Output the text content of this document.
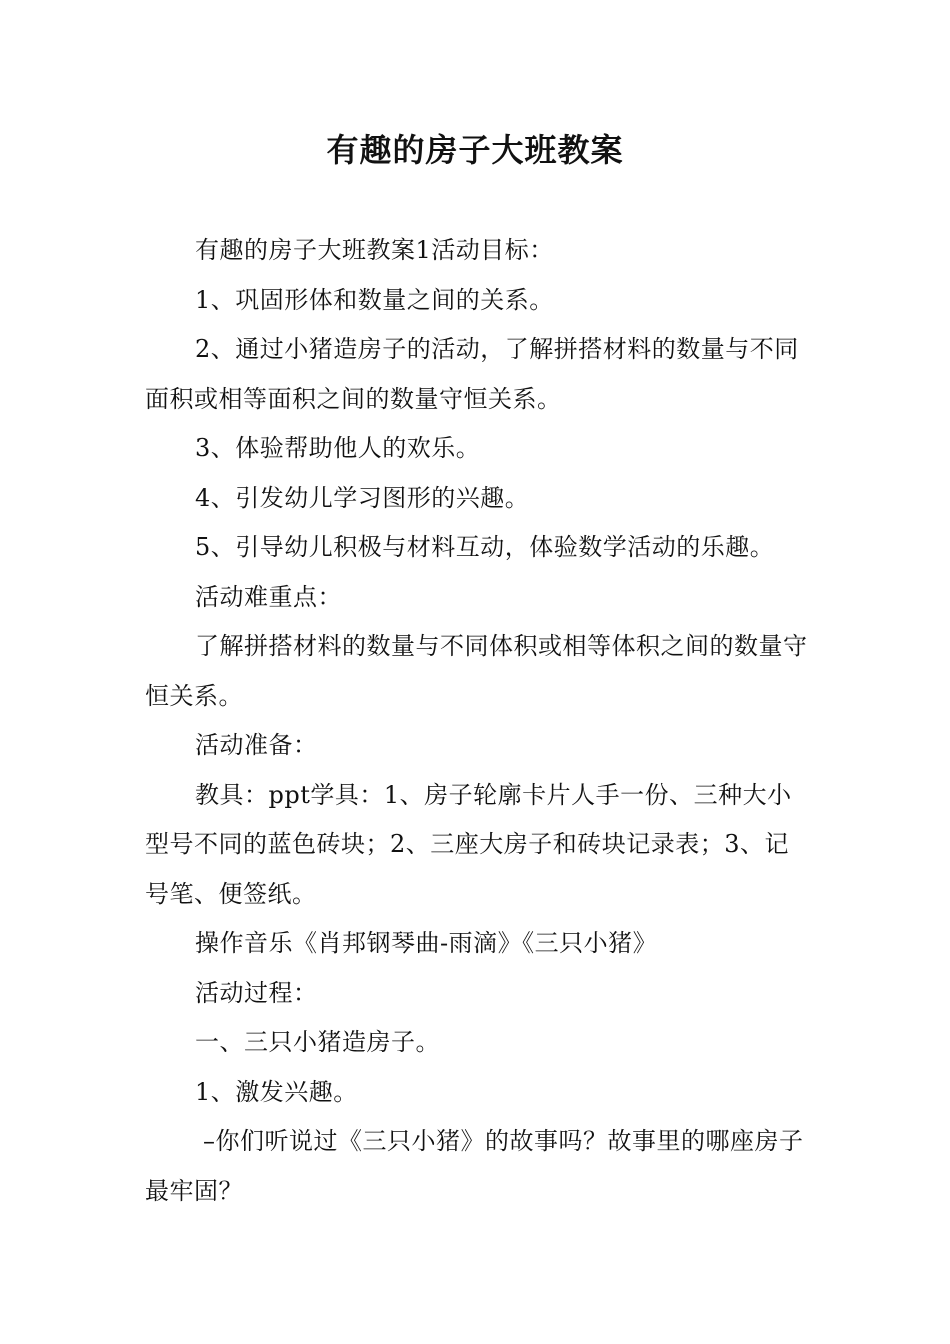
有趣的房子大班教案

有趣的房子大班教案1活动目标：

1、巩固形体和数量之间的关系。

2、通过小猪造房子的活动，了解拼搭材料的数量与不同面积或相等面积之间的数量守恒关系。

3、体验帮助他人的欢乐。

4、引发幼儿学习图形的兴趣。

5、引导幼儿积极与材料互动，体验数学活动的乐趣。

活动难重点：

了解拼搭材料的数量与不同体积或相等体积之间的数量守恒关系。

活动准备：

教具：ppt学具：1、房子轮廓卡片人手一份、三种大小型号不同的蓝色砖块；2、三座大房子和砖块记录表；3、记号笔、便签纸。

操作音乐《肖邦钢琴曲-雨滴》《三只小猪》

活动过程：

一、三只小猪造房子。

1、激发兴趣。

–你们听说过《三只小猪》的故事吗？故事里的哪座房子最牢固？
